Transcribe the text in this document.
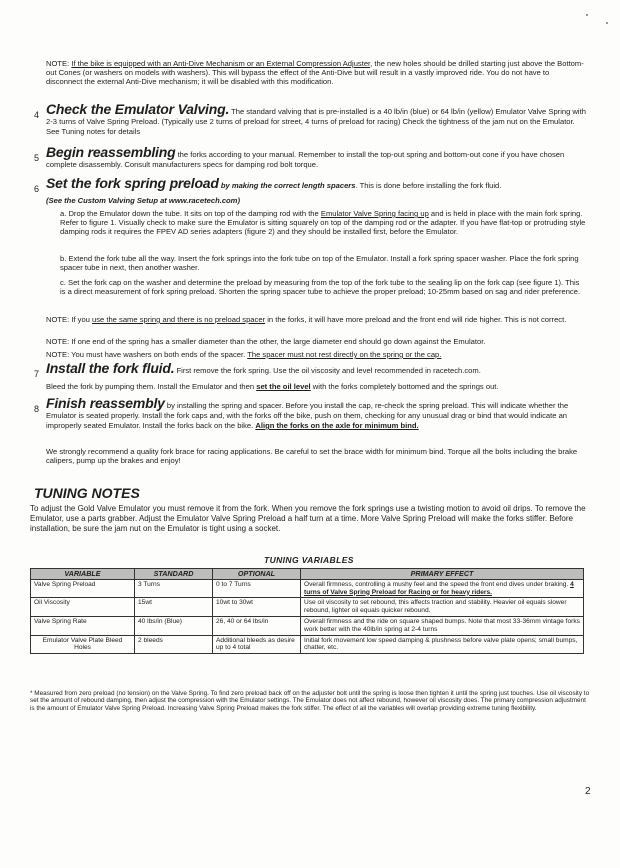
NOTE: If the bike is equipped with an Anti-Dive Mechanism or an External Compression Adjuster, the new holes should be drilled starting just above the Bottom-out Cones (or washers on models with washers). This will bypass the effect of the Anti-Dive but will result in a vastly improved ride. You do not have to disconnect the external Anti-Dive mechanism; it will be disabled with this modification.
4 Check the Emulator Valving. The standard valving that is pre-installed is a 40 lb/in (blue) or 64 lb/in (yellow) Emulator Valve Spring with 2-3 turns of Valve Spring Preload. (Typically use 2 turns of preload for street, 4 turns of preload for racing) Check the tightness of the jam nut on the Emulator. See Tuning notes for details
5 Begin reassembling the forks according to your manual. Remember to install the top-out spring and bottom-out cone if you have chosen complete disassembly. Consult manufacturers specs for damping rod bolt torque.
6 Set the fork spring preload by making the correct length spacers. This is done before installing the fork fluid.
(See the Custom Valving Setup at www.racetech.com)
a. Drop the Emulator down the tube. It sits on top of the damping rod with the Emulator Valve Spring facing up and is held in place with the main fork spring. Refer to figure 1. Visually check to make sure the Emulator is sitting squarely on top of the damping rod or the adapter. If you have flat-top or protruding style damping rods it requires the FPEV AD series adapters (figure 2) and they should be installed first, before the Emulator.
b. Extend the fork tube all the way. Insert the fork springs into the fork tube on top of the Emulator. Install a fork spring spacer washer. Place the fork spring spacer tube in next, then another washer.
c. Set the fork cap on the washer and determine the preload by measuring from the top of the fork tube to the sealing lip on the fork cap (see figure 1). This is a direct measurement of fork spring preload. Shorten the spring spacer tube to achieve the proper preload; 10-25mm based on sag and rider preference.
NOTE: If you use the same spring and there is no preload spacer in the forks, it will have more preload and the front end will ride higher. This is not correct.
NOTE: If one end of the spring has a smaller diameter than the other, the large diameter end should go down against the Emulator.
NOTE: You must have washers on both ends of the spacer. The spacer must not rest directly on the spring or the cap.
7 Install the fork fluid. First remove the fork spring. Use the oil viscosity and level recommended in racetech.com.
Bleed the fork by pumping them. Install the Emulator and then set the oil level with the forks completely bottomed and the springs out.
8 Finish reassembly by installing the spring and spacer. Before you install the cap, re-check the spring preload. This will indicate whether the Emulator is seated properly. Install the fork caps and, with the forks off the bike, push on them, checking for any unusual drag or bind that would indicate an improperly seated Emulator. Install the forks back on the bike. Align the forks on the axle for minimum bind.
We strongly recommend a quality fork brace for racing applications. Be careful to set the brace width for minimum bind. Torque all the bolts including the brake calipers, pump up the brakes and enjoy!
TUNING NOTES
To adjust the Gold Valve Emulator you must remove it from the fork. When you remove the fork springs use a twisting motion to avoid oil drips. To remove the Emulator, use a parts grabber. Adjust the Emulator Valve Spring Preload a half turn at a time. More Valve Spring Preload will make the forks stiffer. Before installation, be sure the jam nut on the Emulator is tight using a socket.
TUNING VARIABLES
VARIABLE	STANDARD	OPTIONAL	PRIMARY EFFECT
Valve Spring Preload	3 Turns	0 to 7 Turns	Overall firmness, controlling a mushy feel and the speed the front end dives under braking. 4 turns of Valve Spring Preload for Racing or for heavy riders.
Oil Viscosity	15wt	10wt to 30wt	Use oil viscosity to set rebound, this affects traction and stability. Heavier oil equals slower rebound, lighter oil equals quicker rebound.
Valve Spring Rate	40 lbs/in (Blue)	26, 40 or 64 lbs/in	Overall firmness and the ride on square shaped bumps. Note that most 33-36mm vintage forks work better with the 40lb/in spring at 2-4 turns
Emulator Valve Plate Bleed Holes	2 bleeds	Additional bleeds as desire up to 4 total	Initial fork movement low speed damping & plushness before valve plate opens; small bumps, chatter, etc.
* Measured from zero preload (no tension) on the Valve Spring. To find zero preload back off on the adjuster bolt until the spring is loose then tighten it until the spring just touches. Use oil viscosity to set the amount of rebound damping, then adjust the compression with the Emulator settings. The Emulator does not affect rebound, however oil viscosity does. The primary compression adjustment is the amount of Emulator Valve Spring Preload. Increasing Valve Spring Preload makes the fork stiffer. The effect of all the variables will overlap providing extreme tuning flexibility.
2
